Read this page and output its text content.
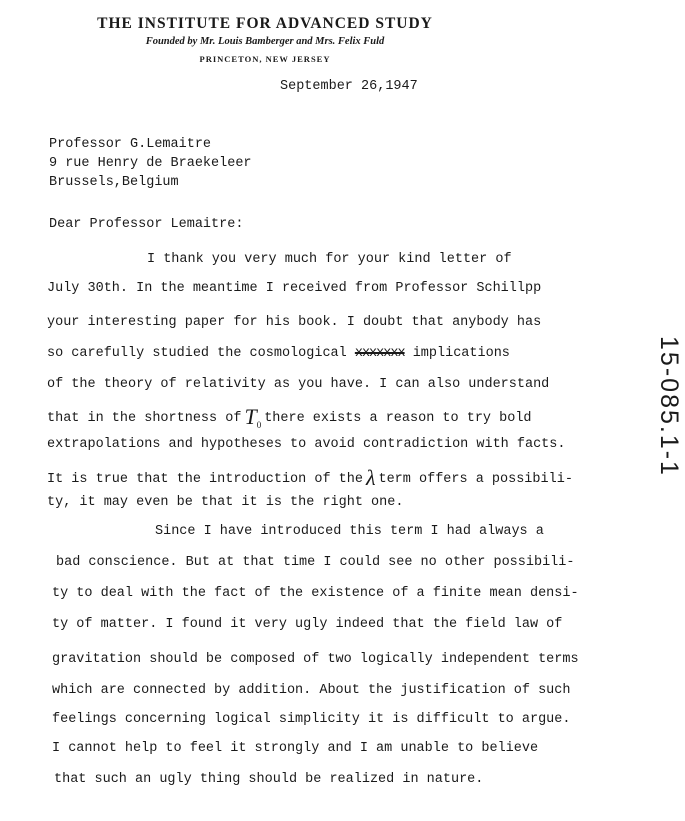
THE INSTITUTE FOR ADVANCED STUDY
Founded by Mr. Louis Bamberger and Mrs. Felix Fuld
PRINCETON, NEW JERSEY
September 26,1947
Professor G.Lemaitre
9 rue Henry de Braekeleer
Brussels,Belgium
Dear Professor Lemaitre:
I thank you very much for your kind letter of
July 30th. In the meantime I received from Professor Schillpp
your interesting paper for his book. I doubt that anybody has
so carefully studied the cosmological xxxxxxx implications
of the theory of relativity as you have. I can also understand
that in the shortness of T0 there exists a reason to try bold
extrapolations and hypotheses to avoid contradiction with facts.
It is true that the introduction of the λ term offers a possibili-
ty, it may even be that it is the right one.
Since I have introduced this term I had always a
bad conscience. But at that time I could see no other possibili-
ty to deal with the fact of the existence of a finite mean densi-
ty of matter. I found it very ugly indeed that the field law of
gravitation should be composed of two logically independent terms
which are connected by addition. About the justification of such
feelings concerning logical simplicity it is difficult to argue.
I cannot help to feel it strongly and I am unable to believe
that such an ugly thing should be realized in nature.
15-085.1-1
